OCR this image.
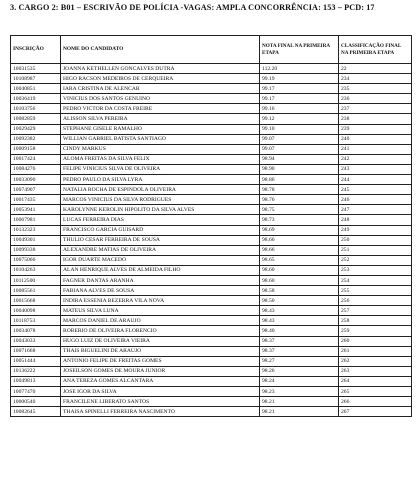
3. CARGO 2: B01 – ESCRIVÃO DE POLÍCIA -VAGAS: AMPLA CONCORRÊNCIA: 153 – PCD: 17
INSCRIÇÃO	NOME DO CANDIDATO	NOTA FINAL NA PRIMEIRA ETAPA	CLASSIFICAÇÃO FINAL NA PRIMEIRA ETAPA
10031535	JOANNA KETHELLEN GONCALVES DUTRA	112.20	22
10108987	HIGO RACSON MEDEIROS DE CERQUEIRA	99.19	234
10040851	IARA CRISTINA DE ALENCAR	99.17	235
10036419	VINICIUS DOS SANTOS GENUINO	99.17	236
10103756	PEDRO VICTOR DA COSTA FREIRE	99.16	237
10082859	ALISSON SILVA PEREIRA	99.12	238
10029429	STEPHANE GISELE RAMALHO	99.10	239
10092382	WILLIAN GABRIEL BATISTA SANTIAGO	99.07	240
10009158	CINDY MARKUS	99.07	241
10017424	ALOMA FREITAS DA SILVA FELIX	98.94	242
10084276	FELIPE VINICIUS SILVA DE OLIVEIRA	98.90	243
10033090	PEDRO PAULO DA SILVA LYRA	98.86	244
10074907	NATALIA ROCHA DE ESPINDOLA OLIVEIRA	98.78	245
10017435	MARCOS VINICIUS DA SILVA RODRIGUES	98.76	246
10053941	KAROLYNNE KEROLIN HIPOLITO DA SILVA ALVES	98.75	247
10067981	LUCAS FERREIRA DIAS	98.73	248
10132323	FRANCISCO GARCIA GUISARD	98.69	249
10049301	THULIO CESAR FERREIRA DE SOUSA	98.66	250
10099338	ALEXANDRE MATIAS DE OLIVEIRA	98.66	251
10075066	IGOR DUARTE MACEDO	98.65	252
10104263	ALAN HENRIQUE ALVES DE ALMEIDA FILHO	98.60	253
10112500	FAGNER DANTAS ARANHA	98.60	254
10085561	FABIANA ALVES DE SOUSA	98.58	255
10015668	INDIRA ESSENIA BEZERRA VILA NOVA	98.50	256
10040098	MATEUS SILVA LUNA	98.43	257
10118753	MARCOS DANIEL DE ARAUJO	98.43	258
10034078	ROBERIO DE OLIVEIRA FLORENCIO	98.40	259
10043033	HUGO LUIZ DE OLIVEIRA VIEIRA	98.37	260
10071668	THAIS BIGUELINI DE ARAUJO	98.37	261
10051444	ANTONIO FELIPE DE FREITAS GOMES	98.27	262
10136222	JOSEILSON GOMES DE MOURA JUNIOR	98.26	263
10049813	ANA TEREZA GOMES ALCANTARA	98.24	264
10077470	JOSE IGOR DA SILVA	98.23	265
10000540	FRANCILENE LIBERATO SANTOS	98.21	266
10082645	THAISA SPINELLI FERREIRA NASCIMENTO	98.21	267
